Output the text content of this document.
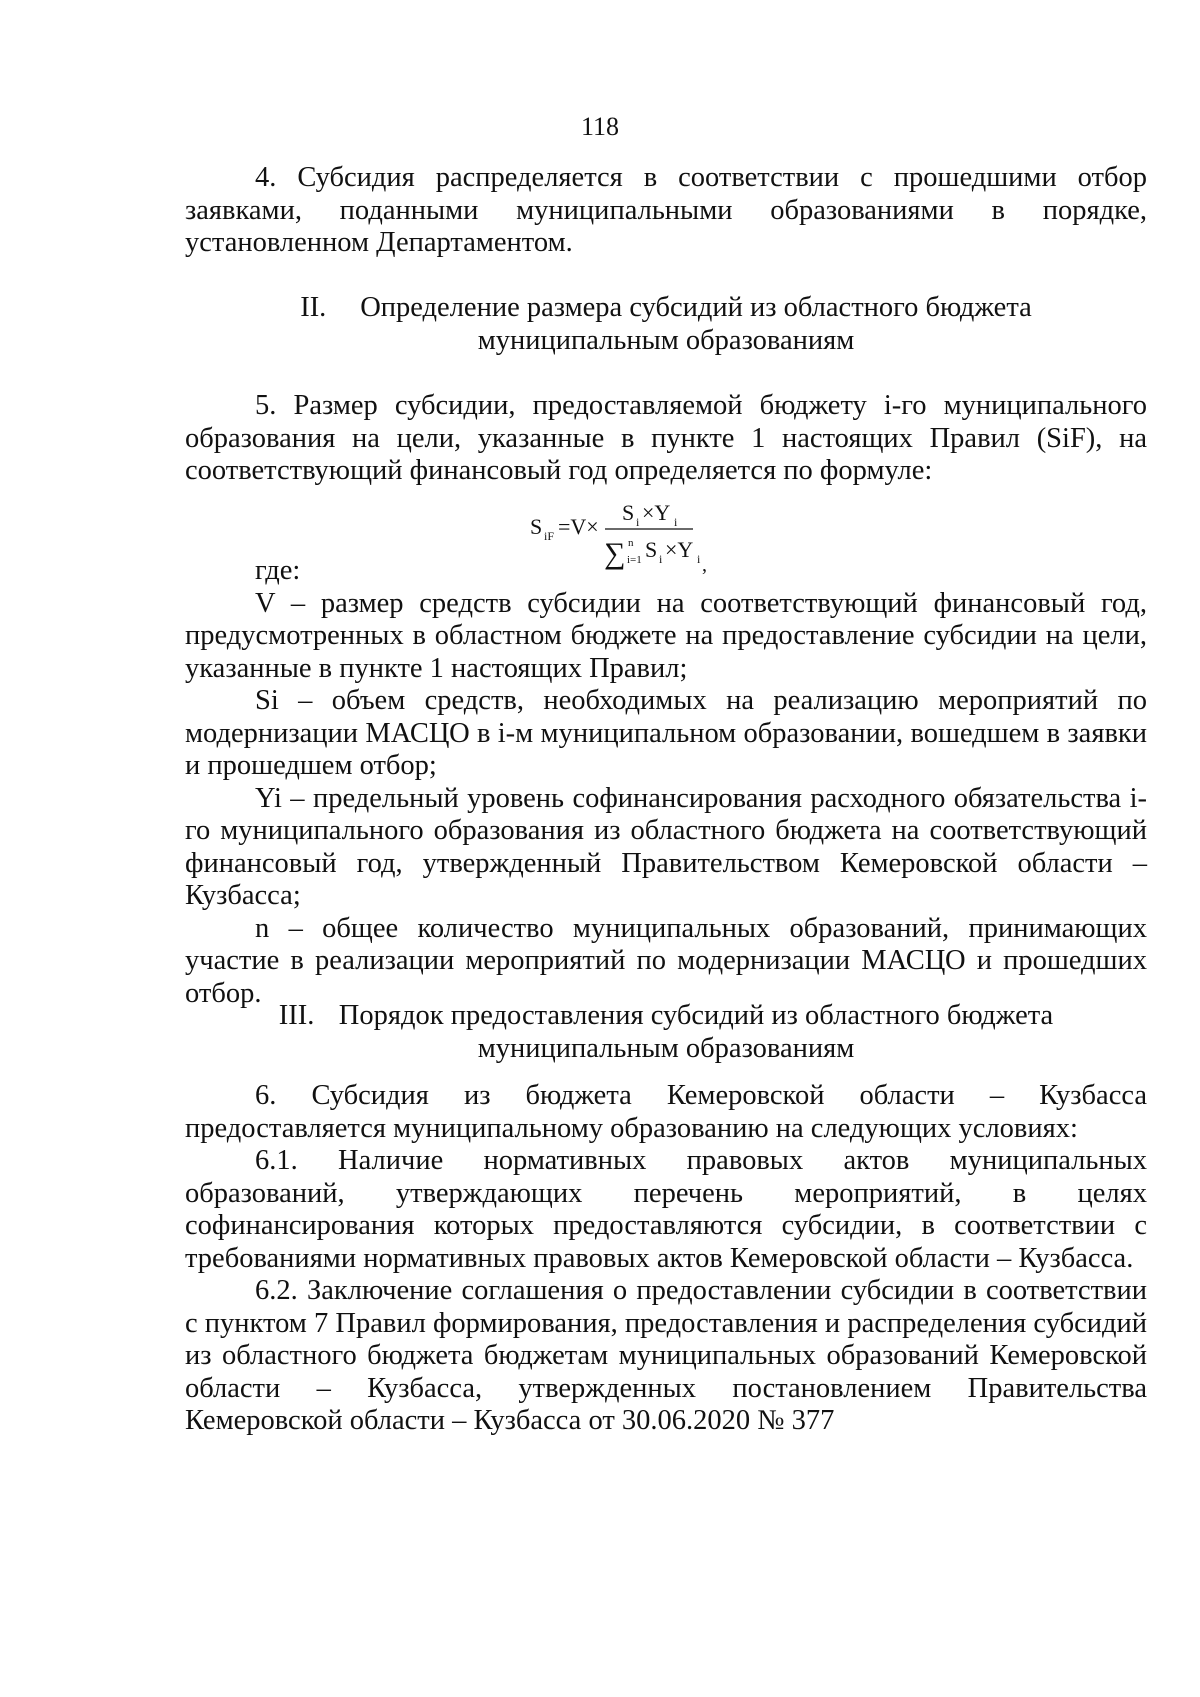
118

4. Субсидия распределяется в соответствии с прошедшими отбор заявками, поданными муниципальными образованиями в порядке, установленном Департаментом.

II. Определение размера субсидий из областного бюджета

муниципальным образованиям

5. Размер субсидии, предоставляемой бюджету i-го муниципального образования на цели, указанные в пункте 1 настоящих Правил (SiF), на соответствующий финансовый год определяется по формуле:

S iF =V×
S i ×Y i
∑ n
i=1 S i ×Y i ,

где:

V – размер средств субсидии на соответствующий финансовый год, предусмотренных в областном бюджете на предоставление субсидии на цели, указанные в пункте 1 настоящих Правил;

Si – объем средств, необходимых на реализацию мероприятий по модернизации МАСЦО в i-м муниципальном образовании, вошедшем в заявки и прошедшем отбор;

Yi – предельный уровень софинансирования расходного обязательства i-го муниципального образования из областного бюджета на соответствующий финансовый год, утвержденный Правительством Кемеровской области – Кузбасса;

n – общее количество муниципальных образований, принимающих участие в реализации мероприятий по модернизации МАСЦО и прошедших отбор.

III. Порядок предоставления субсидий из областного бюджета

муниципальным образованиям

6. Субсидия из бюджета Кемеровской области – Кузбасса предоставляется муниципальному образованию на следующих условиях:

6.1. Наличие нормативных правовых актов муниципальных образований, утверждающих перечень мероприятий, в целях софинансирования которых предоставляются субсидии, в соответствии с требованиями нормативных правовых актов Кемеровской области – Кузбасса.

6.2. Заключение соглашения о предоставлении субсидии в соответствии с пунктом 7 Правил формирования, предоставления и распределения субсидий из областного бюджета бюджетам муниципальных образований Кемеровской области – Кузбасса, утвержденных постановлением Правительства Кемеровской области – Кузбасса от 30.06.2020 № 377
